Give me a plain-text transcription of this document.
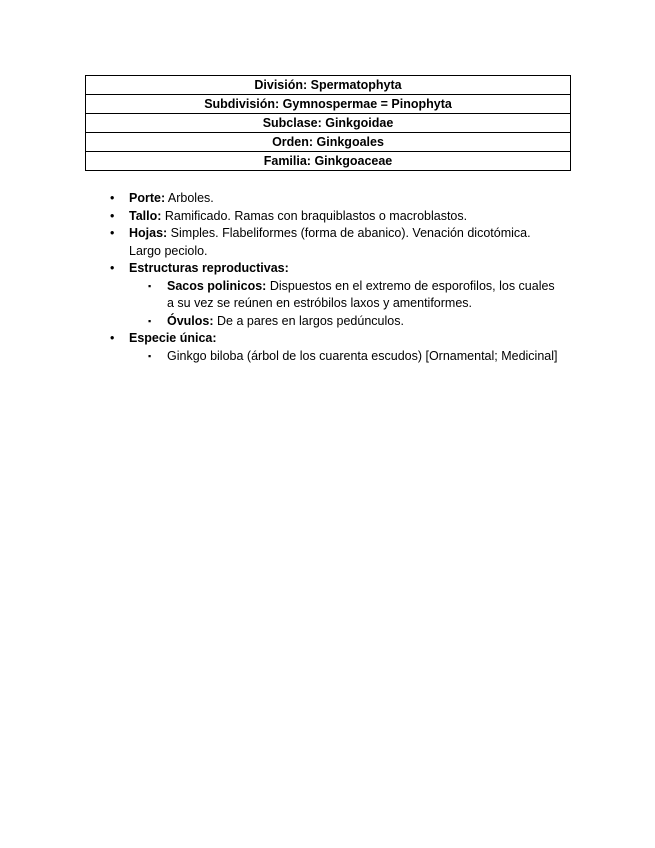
División: Spermatophyta
Subdivisión: Gymnospermae = Pinophyta
Subclase: Ginkgoidae
Orden: Ginkgoales
Familia: Ginkgoaceae
•	Porte: Arboles.
•	Tallo: Ramificado. Ramas con braquiblastos o macroblastos.
•	Hojas: Simples. Flabeliformes (forma de abanico). Venación dicotómica. Largo peciolo.
•	Estructuras reproductivas:
▪ Sacos polinicos: Dispuestos en el extremo de esporofilos, los cuales a su vez se reúnen en estróbilos laxos y amentiformes.
▪ Óvulos: De a pares en largos pedúnculos.
•	Especie única:
▪ Ginkgo biloba (árbol de los cuarenta escudos) [Ornamental; Medicinal]
